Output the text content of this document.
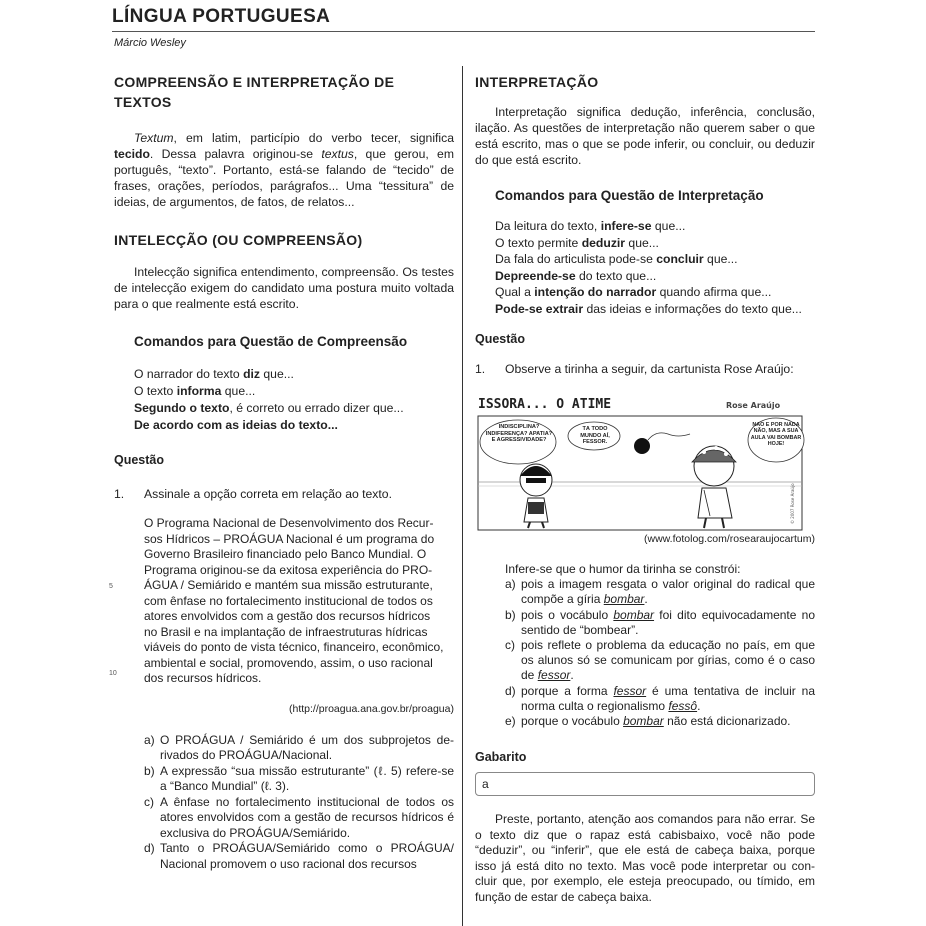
LÍNGUA PORTUGUESA
Márcio Wesley
COMPREENSÃO E INTERPRETAÇÃO DE
TEXTOS

Textum, em latim, particípio do verbo tecer, significa tecido. Dessa palavra originou-se textus, que gerou, em português, “texto”. Portanto, está-se falando de “tecido” de frases, orações, períodos, parágrafos... Uma “tessitura” de ideias, de argumentos, de fatos, de relatos...

INTELECÇÃO (OU COMPREENSÃO)

Intelecção significa entendimento, compreensão. Os testes de intelecção exigem do candidato uma postura muito voltada para o que realmente está escrito.

Comandos para Questão de Compreensão
O narrador do texto diz que...
O texto informa que...
Segundo o texto, é correto ou errado dizer que...
De acordo com as ideias do texto...
Questão
1. Assinale a opção correta em relação ao texto.
5
10
O Programa Nacional de Desenvolvimento dos Recur-
sos Hídricos – PROÁGUA Nacional é um programa do
Governo Brasileiro financiado pelo Banco Mundial. O
Programa originou-se da exitosa experiência do PRO-
ÁGUA / Semiárido e mantém sua missão estruturante,
com ênfase no fortalecimento institucional de todos os
atores envolvidos com a gestão dos recursos hídricos
no Brasil e na implantação de infraestruturas hídricas
viáveis do ponto de vista técnico, financeiro, econômico,
ambiental e social, promovendo, assim, o uso racional
dos recursos hídricos.
(http://proagua.ana.gov.br/proagua)
a) O PROÁGUA / Semiárido é um dos subprojetos de-rivados do PROÁGUA/Nacional.
b) A expressão “sua missão estruturante” (ℓ. 5) refere-se a “Banco Mundial” (ℓ. 3).
c) A ênfase no fortalecimento institucional de todos os atores envolvidos com a gestão de recursos hídricos é exclusiva do PROÁGUA/Semiárido.
d) Tanto o PROÁGUA/Semiárido como o PROÁGUA/ Nacional promovem o uso racional dos recursos
INTERPRETAÇÃO

Interpretação significa dedução, inferência, conclusão, ilação. As questões de interpretação não querem saber o que está escrito, mas o que se pode inferir, ou concluir, ou deduzir do que está escrito.

Comandos para Questão de Interpretação
Da leitura do texto, infere-se que...
O texto permite deduzir que...
Da fala do articulista pode-se concluir que...
Depreende-se do texto que...
Qual a intenção do narrador quando afirma que...
Pode-se extrair das ideias e informações do texto que...
Questão
1. Observe a tirinha a seguir, da cartunista Rose Araújo:
ISSORA... O ATIME	Rose Araújo
INDISCIPLINA? INDIFERENÇA? APATIA? E AGRESSIVIDADE?
TÁ TODO MUNDO AÍ, FESSOR.
NÃO É POR NADA NÃO, MAS A SUA AULA VAI BOMBAR HOJE!
© 2007 Rose Araújo
(www.fotolog.com/rosearaujocartum)
Infere-se que o humor da tirinha se constrói:
a) pois a imagem resgata o valor original do radical que compõe a gíria bombar.
b) pois o vocábulo bombar foi dito equivocadamente no sentido de “bombear”.
c) pois reflete o problema da educação no país, em que os alunos só se comunicam por gírias, como é o caso de fessor.
d) porque a forma fessor é uma tentativa de incluir na norma culta o regionalismo fessô.
e) porque o vocábulo bombar não está dicionarizado.
Gabarito
a

Preste, portanto, atenção aos comandos para não errar. Se o texto diz que o rapaz está cabisbaixo, você não pode “deduzir”, ou “inferir”, que ele está de cabeça baixa, porque isso já está dito no texto. Mas você pode interpretar ou con-cluir que, por exemplo, ele esteja preocupado, ou tímido, em função de estar de cabeça baixa.
